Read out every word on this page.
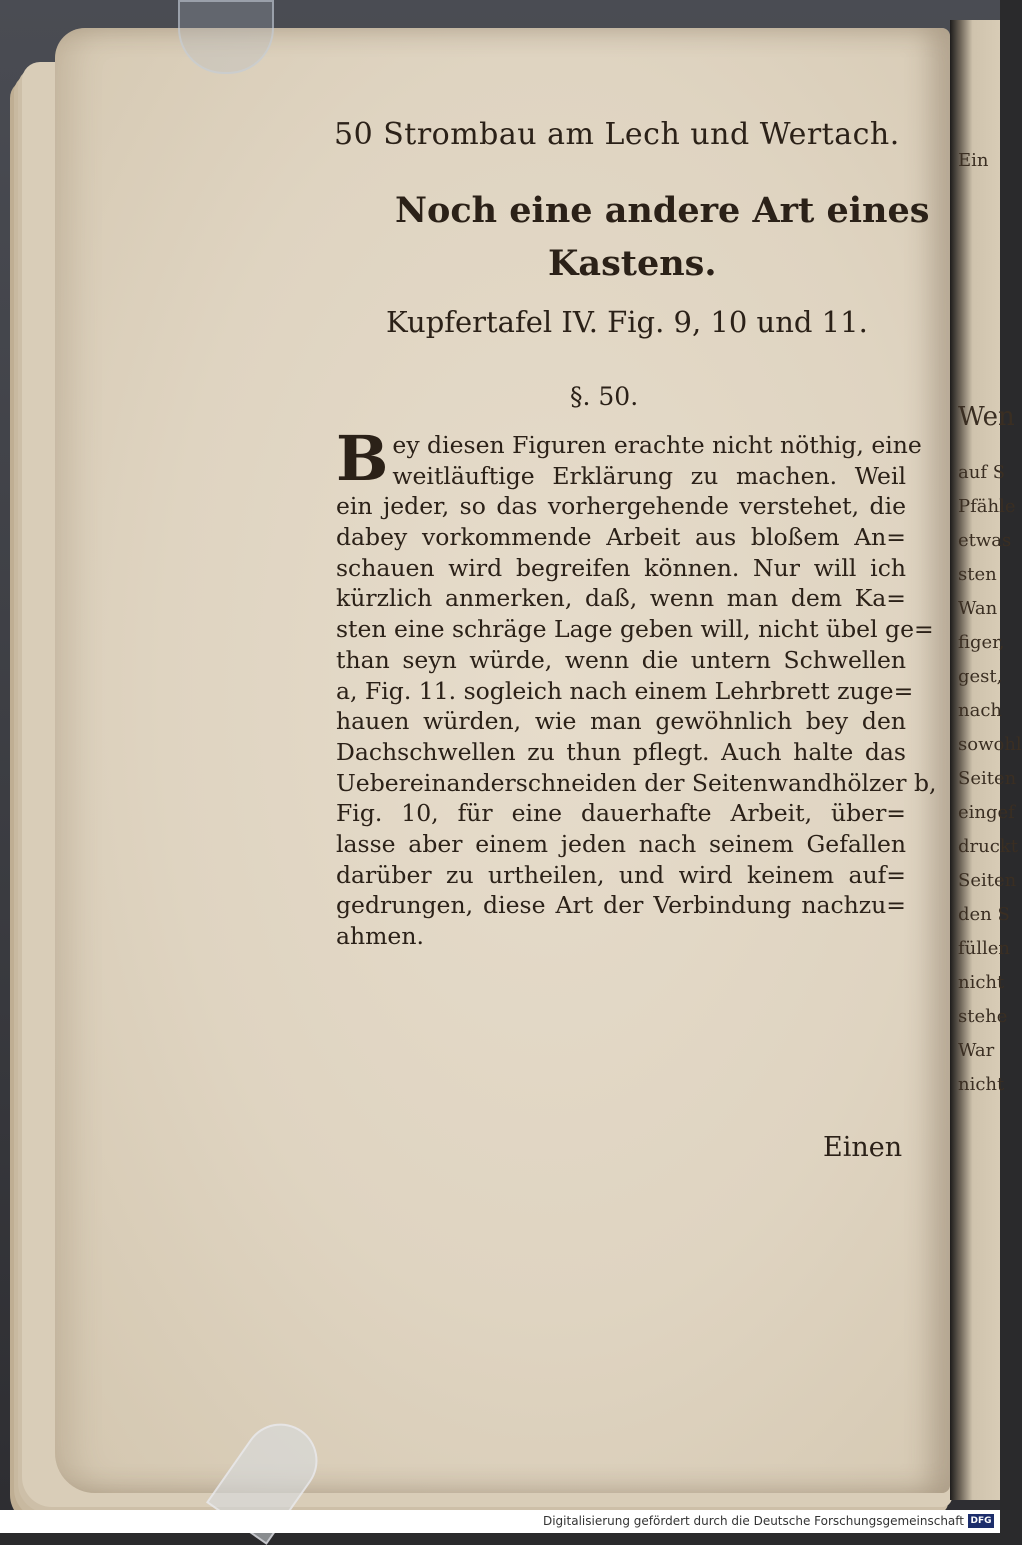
50 Strombau am Lech und Wertach.
Noch eine andere Art eines
Kastens.
Kupfertafel IV. Fig. 9, 10 und 11.
§. 50.
B ey diesen Figuren erachte nicht nöthig, eine
weitläuftige Erklärung zu machen. Weil
ein jeder, so das vorhergehende verstehet, die
dabey vorkommende Arbeit aus bloßem An=
schauen wird begreifen können. Nur will ich
kürzlich anmerken, daß, wenn man dem Ka=
sten eine schräge Lage geben will, nicht übel ge=
than seyn würde, wenn die untern Schwellen
a, Fig. 11. sogleich nach einem Lehrbrett zuge=
hauen würden, wie man gewöhnlich bey den
Dachschwellen zu thun pflegt. Auch halte das
Uebereinanderschneiden der Seitenwandhölzer b,
Fig. 10, für eine dauerhafte Arbeit, über=
lasse aber einem jeden nach seinem Gefallen
darüber zu urtheilen, und wird keinem auf=
gedrungen, diese Art der Verbindung nachzu=
ahmen.
Einen
Ein
Wen
auf S
Pfähle
etwas
sten
Wan
figer,
gest,
nach
sowohl
Seiten
eingef
druckt
Seiten
den S
füllen
nicht
stehe
War
nicht
Digitalisierung gefördert durch die Deutsche Forschungsgemeinschaft DFG
